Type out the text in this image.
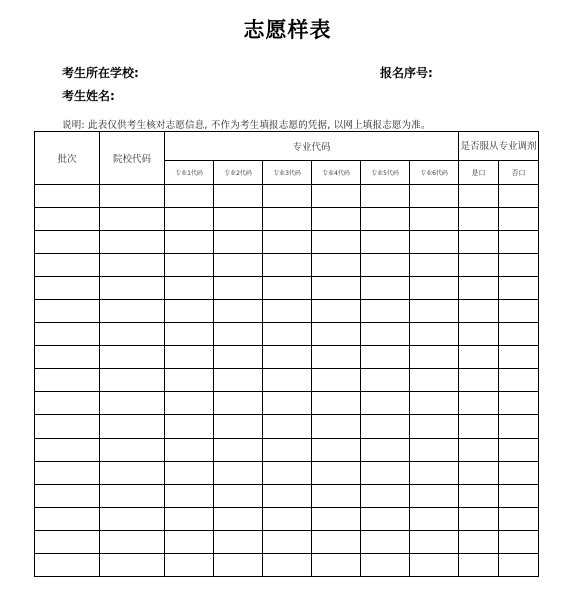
志愿样表
考生所在学校:	报名序号:
考生姓名:
说明: 此表仅供考生核对志愿信息, 不作为考生填报志愿的凭据, 以网上填报志愿为准。
批次	院校代码	专业代码						是否服从专业调剂	
		专业1代码	专业2代码	专业3代码	专业4代码	专业5代码	专业6代码	是口	否口
